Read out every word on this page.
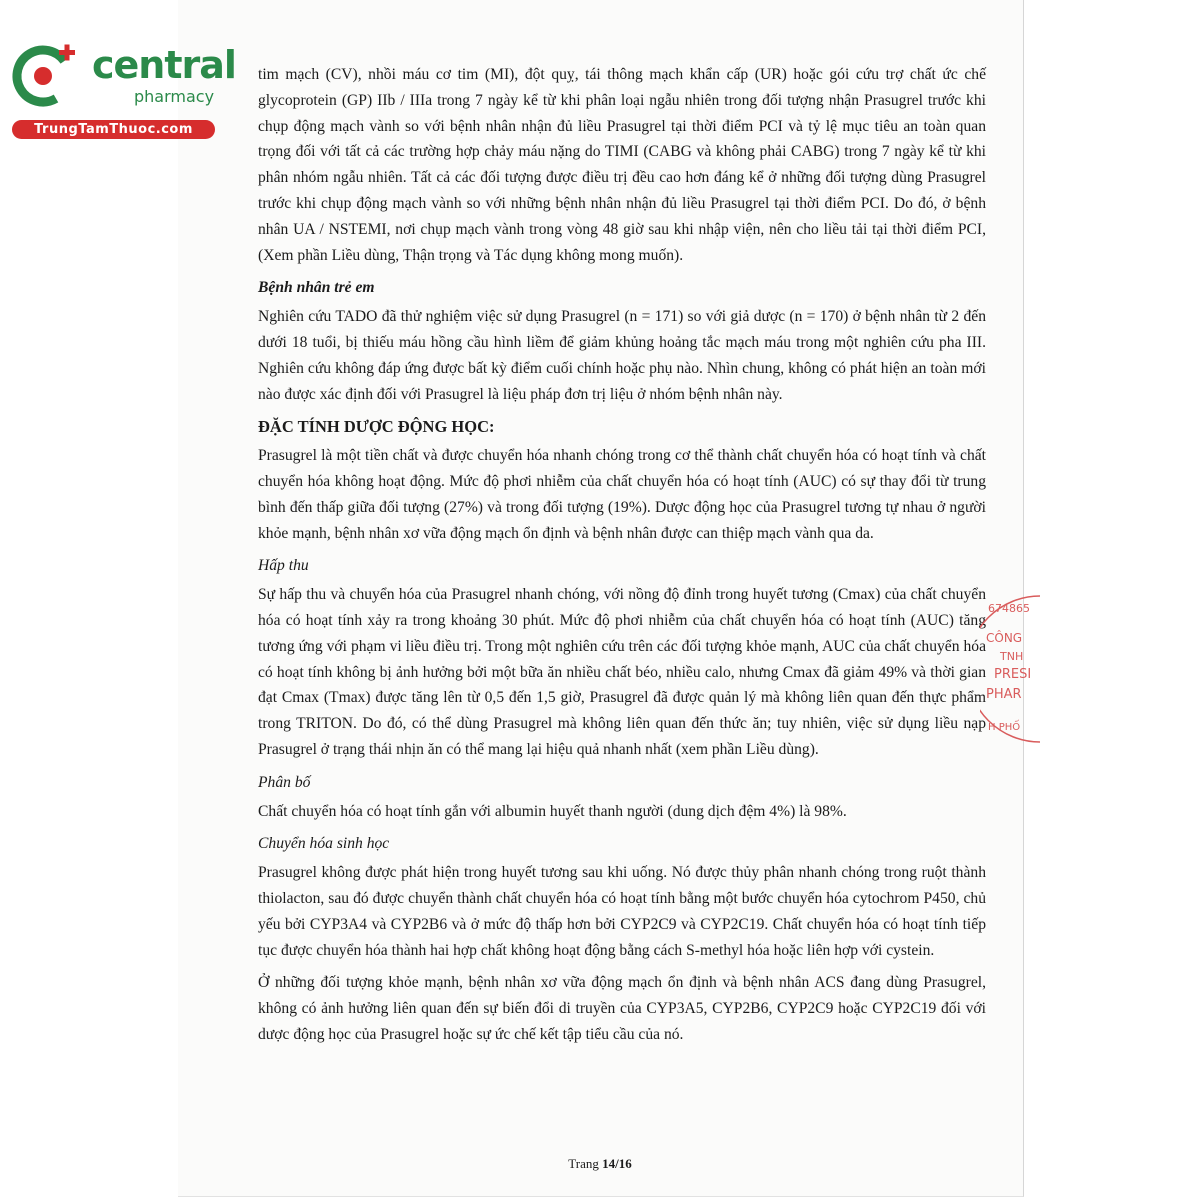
central
pharmacy
TrungTamThuoc.com

tim mạch (CV), nhồi máu cơ tim (MI), đột quỵ, tái thông mạch khẩn cấp (UR) hoặc gói cứu trợ chất ức chế glycoprotein (GP) IIb / IIIa trong 7 ngày kể từ khi phân loại ngẫu nhiên trong đối tượng nhận Prasugrel trước khi chụp động mạch vành so với bệnh nhân nhận đủ liều Prasugrel tại thời điểm PCI và tỷ lệ mục tiêu an toàn quan trọng đối với tất cả các trường hợp chảy máu nặng do TIMI (CABG và không phải CABG) trong 7 ngày kể từ khi phân nhóm ngẫu nhiên. Tất cả các đối tượng được điều trị đều cao hơn đáng kể ở những đối tượng dùng Prasugrel trước khi chụp động mạch vành so với những bệnh nhân nhận đủ liều Prasugrel tại thời điểm PCI. Do đó, ở bệnh nhân UA / NSTEMI, nơi chụp mạch vành trong vòng 48 giờ sau khi nhập viện, nên cho liều tải tại thời điểm PCI, (Xem phần Liều dùng, Thận trọng và Tác dụng không mong muốn).

Bệnh nhân trẻ em

Nghiên cứu TADO đã thử nghiệm việc sử dụng Prasugrel (n = 171) so với giả dược (n = 170) ở bệnh nhân từ 2 đến dưới 18 tuổi, bị thiếu máu hồng cầu hình liềm để giảm khủng hoảng tắc mạch máu trong một nghiên cứu pha III. Nghiên cứu không đáp ứng được bất kỳ điểm cuối chính hoặc phụ nào. Nhìn chung, không có phát hiện an toàn mới nào được xác định đối với Prasugrel là liệu pháp đơn trị liệu ở nhóm bệnh nhân này.

ĐẶC TÍNH DƯỢC ĐỘNG HỌC:

Prasugrel là một tiền chất và được chuyển hóa nhanh chóng trong cơ thể thành chất chuyển hóa có hoạt tính và chất chuyển hóa không hoạt động. Mức độ phơi nhiễm của chất chuyển hóa có hoạt tính (AUC) có sự thay đổi từ trung bình đến thấp giữa đối tượng (27%) và trong đối tượng (19%). Dược động học của Prasugrel tương tự nhau ở người khỏe mạnh, bệnh nhân xơ vữa động mạch ổn định và bệnh nhân được can thiệp mạch vành qua da.

Hấp thu

Sự hấp thu và chuyển hóa của Prasugrel nhanh chóng, với nồng độ đỉnh trong huyết tương (Cmax) của chất chuyển hóa có hoạt tính xảy ra trong khoảng 30 phút. Mức độ phơi nhiễm của chất chuyển hóa có hoạt tính (AUC) tăng tương ứng với phạm vi liều điều trị. Trong một nghiên cứu trên các đối tượng khỏe mạnh, AUC của chất chuyển hóa có hoạt tính không bị ảnh hưởng bởi một bữa ăn nhiều chất béo, nhiều calo, nhưng Cmax đã giảm 49% và thời gian đạt Cmax (Tmax) được tăng lên từ 0,5 đến 1,5 giờ, Prasugrel đã được quản lý mà không liên quan đến thực phẩm trong TRITON. Do đó, có thể dùng Prasugrel mà không liên quan đến thức ăn; tuy nhiên, việc sử dụng liều nạp Prasugrel ở trạng thái nhịn ăn có thể mang lại hiệu quả nhanh nhất (xem phần Liều dùng).

Phân bố

Chất chuyển hóa có hoạt tính gắn với albumin huyết thanh người (dung dịch đệm 4%) là 98%.

Chuyển hóa sinh học

Prasugrel không được phát hiện trong huyết tương sau khi uống. Nó được thủy phân nhanh chóng trong ruột thành thiolacton, sau đó được chuyển thành chất chuyển hóa có hoạt tính bằng một bước chuyển hóa cytochrom P450, chủ yếu bởi CYP3A4 và CYP2B6 và ở mức độ thấp hơn bởi CYP2C9 và CYP2C19. Chất chuyển hóa có hoạt tính tiếp tục được chuyển hóa thành hai hợp chất không hoạt động bằng cách S-methyl hóa hoặc liên hợp với cystein.

Ở những đối tượng khỏe mạnh, bệnh nhân xơ vữa động mạch ổn định và bệnh nhân ACS đang dùng Prasugrel, không có ảnh hưởng liên quan đến sự biến đổi di truyền của CYP3A5, CYP2B6, CYP2C9 hoặc CYP2C19 đối với dược động học của Prasugrel hoặc sự ức chế kết tập tiểu cầu của nó.

674865
CÔNG
TNH
PRESI
PHAR
H PHỐ
Trang 14/16
